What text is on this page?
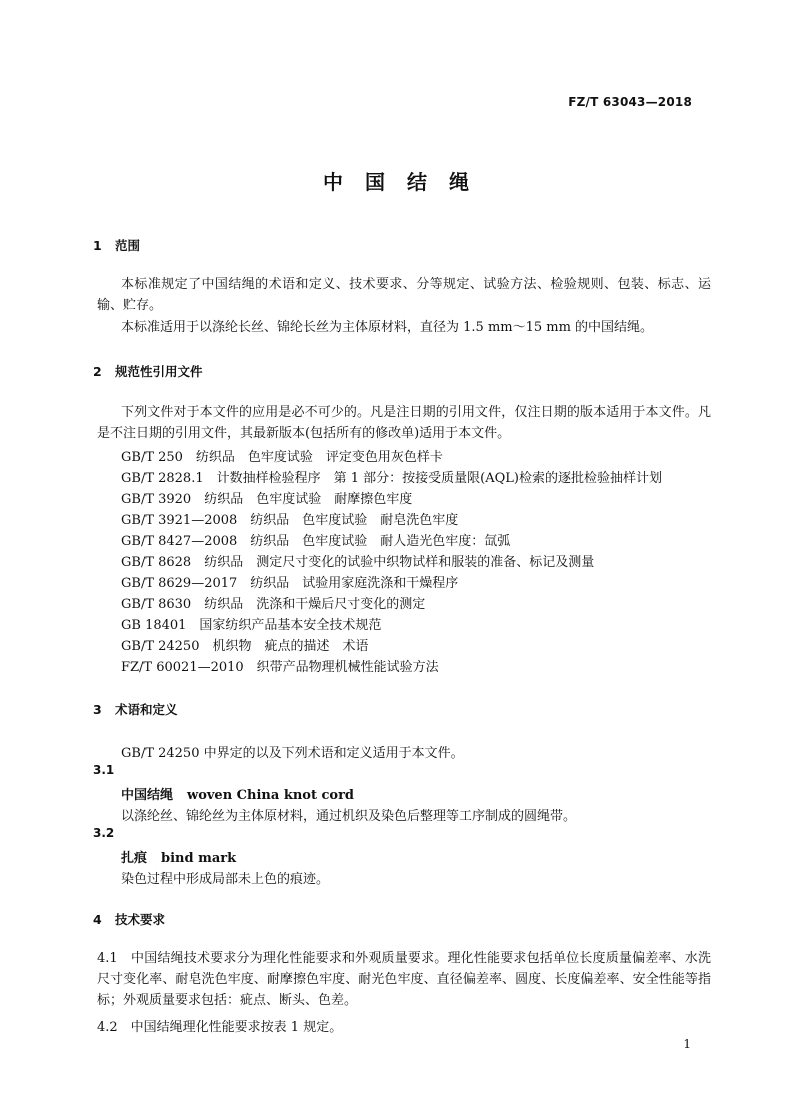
FZ/T 63043—2018
中国结绳
1 范围
本标准规定了中国结绳的术语和定义、技术要求、分等规定、试验方法、检验规则、包装、标志、运输、贮存。
本标准适用于以涤纶长丝、锦纶长丝为主体原材料，直径为 1.5 mm～15 mm 的中国结绳。
2 规范性引用文件
下列文件对于本文件的应用是必不可少的。凡是注日期的引用文件，仅注日期的版本适用于本文件。凡是不注日期的引用文件，其最新版本(包括所有的修改单)适用于本文件。
GB/T 250　纺织品　色牢度试验　评定变色用灰色样卡
GB/T 2828.1　计数抽样检验程序　第 1 部分：按接受质量限(AQL)检索的逐批检验抽样计划
GB/T 3920　纺织品　色牢度试验　耐摩擦色牢度
GB/T 3921—2008　纺织品　色牢度试验　耐皂洗色牢度
GB/T 8427—2008　纺织品　色牢度试验　耐人造光色牢度：氙弧
GB/T 8628　纺织品　测定尺寸变化的试验中织物试样和服装的准备、标记及测量
GB/T 8629—2017　纺织品　试验用家庭洗涤和干燥程序
GB/T 8630　纺织品　洗涤和干燥后尺寸变化的测定
GB 18401　国家纺织产品基本安全技术规范
GB/T 24250　机织物　疵点的描述　术语
FZ/T 60021—2010　织带产品物理机械性能试验方法
3 术语和定义
GB/T 24250 中界定的以及下列术语和定义适用于本文件。
3.1
中国结绳 woven China knot cord
以涤纶丝、锦纶丝为主体原材料，通过机织及染色后整理等工序制成的圆绳带。
3.2
扎痕 bind mark
染色过程中形成局部未上色的痕迹。
4 技术要求
4.1　中国结绳技术要求分为理化性能要求和外观质量要求。理化性能要求包括单位长度质量偏差率、水洗尺寸变化率、耐皂洗色牢度、耐摩擦色牢度、耐光色牢度、直径偏差率、圆度、长度偏差率、安全性能等指标；外观质量要求包括：疵点、断头、色差。
4.2　中国结绳理化性能要求按表 1 规定。
1
